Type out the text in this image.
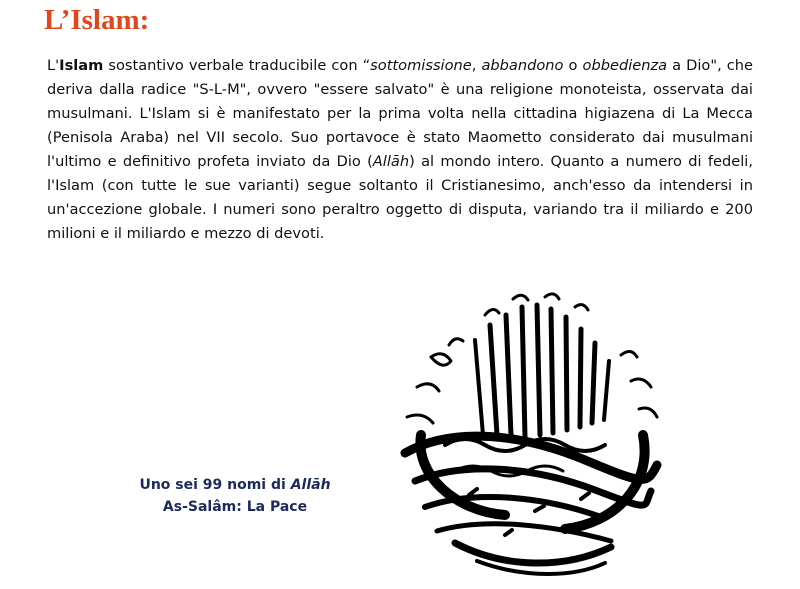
L’Islam:

L'Islam sostantivo verbale traducibile con “sottomissione, abbandono o obbedienza a Dio", che deriva dalla radice "S-L-M", ovvero "essere salvato" è una religione monoteista, osservata dai musulmani. L'Islam si è manifestato per la prima volta nella cittadina higiazena di La Mecca (Penisola Araba) nel VII secolo. Suo portavoce è stato Maometto considerato dai musulmani l'ultimo e definitivo profeta inviato da Dio (Allāh) al mondo intero. Quanto a numero di fedeli, l'Islam (con tutte le sue varianti) segue soltanto il Cristianesimo, anch'esso da intendersi in un'accezione globale. I numeri sono peraltro oggetto di disputa, variando tra il miliardo e 200 milioni e il miliardo e mezzo di devoti.

Uno sei 99 nomi di Allāh
As-Salâm: La Pace
